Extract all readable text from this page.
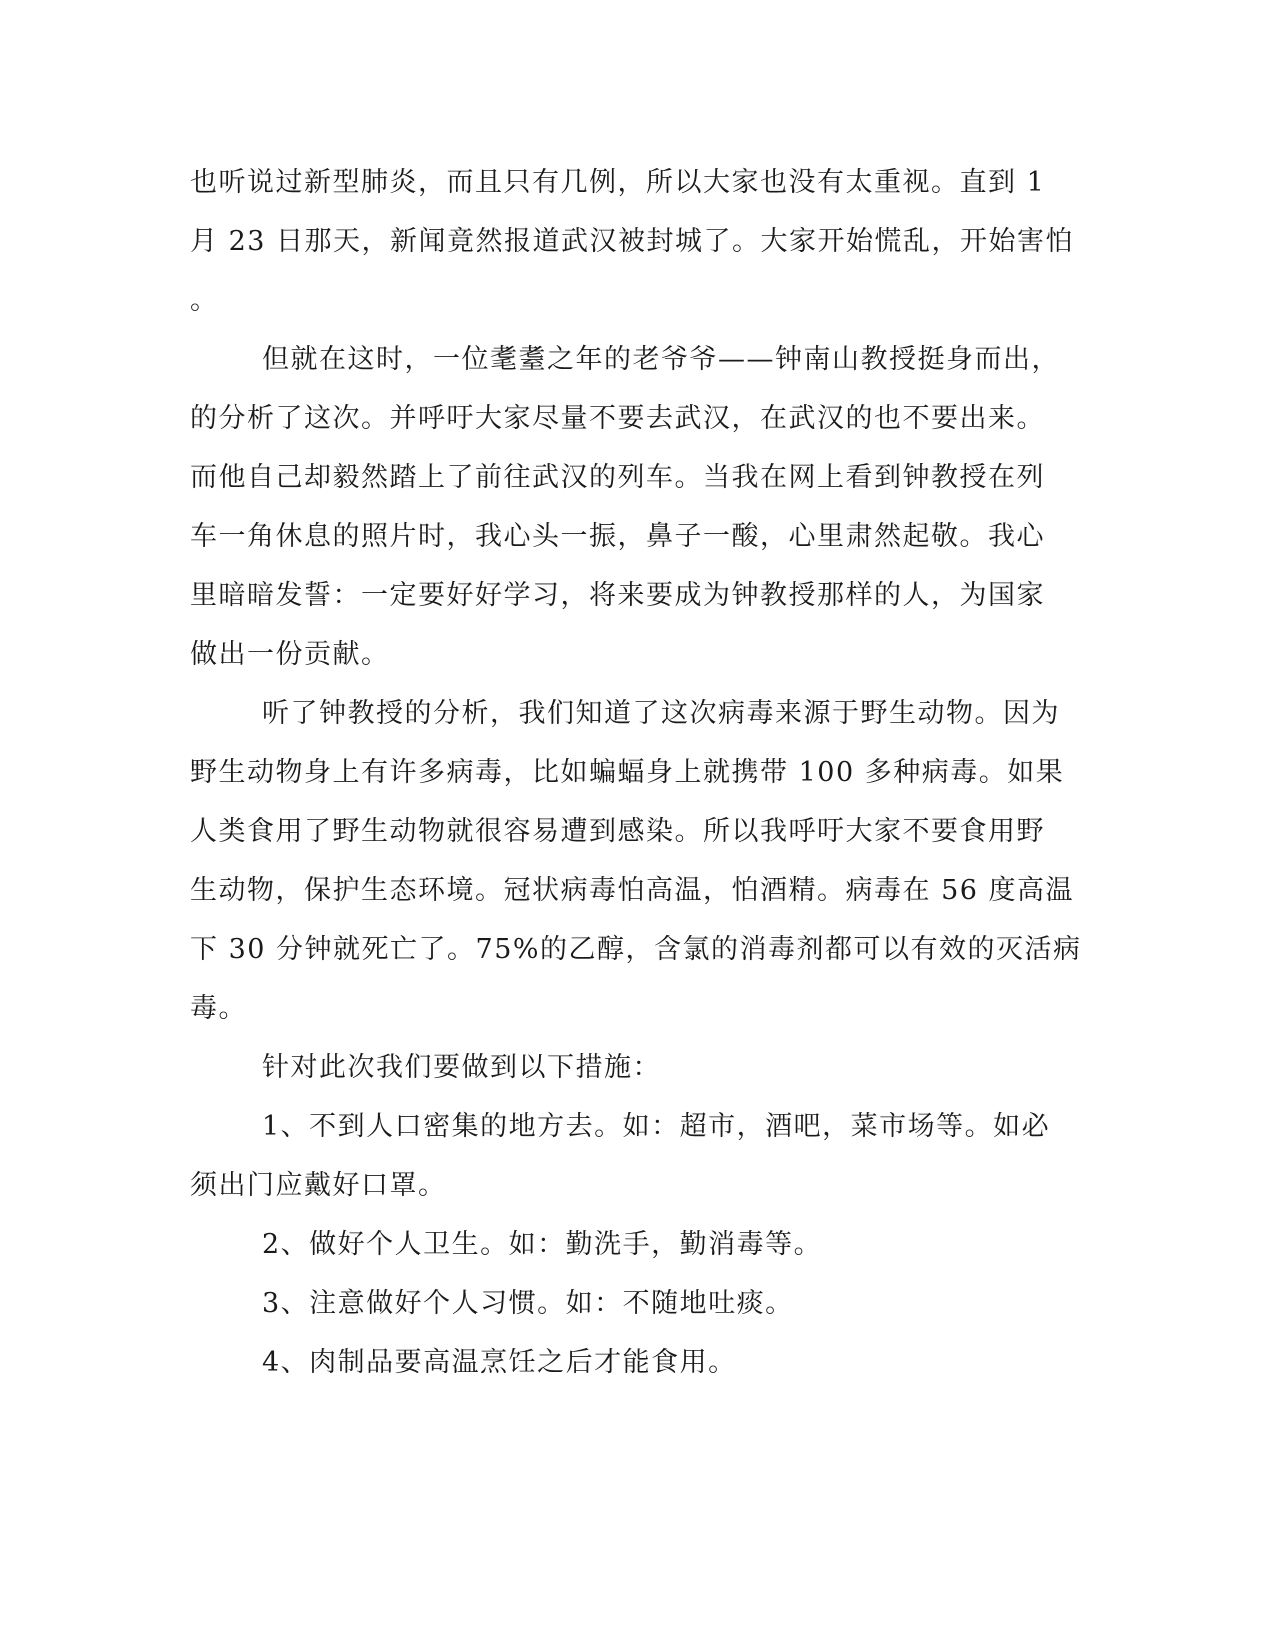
也听说过新型肺炎，而且只有几例，所以大家也没有太重视。直到 1
月 23 日那天，新闻竟然报道武汉被封城了。大家开始慌乱，开始害怕
。
但就在这时，一位耄耋之年的老爷爷——钟南山教授挺身而出，
的分析了这次。并呼吁大家尽量不要去武汉，在武汉的也不要出来。
而他自己却毅然踏上了前往武汉的列车。当我在网上看到钟教授在列
车一角休息的照片时，我心头一振，鼻子一酸，心里肃然起敬。我心
里暗暗发誓：一定要好好学习，将来要成为钟教授那样的人，为国家
做出一份贡献。
听了钟教授的分析，我们知道了这次病毒来源于野生动物。因为
野生动物身上有许多病毒，比如蝙蝠身上就携带 100 多种病毒。如果
人类食用了野生动物就很容易遭到感染。所以我呼吁大家不要食用野
生动物，保护生态环境。冠状病毒怕高温，怕酒精。病毒在 56 度高温
下 30 分钟就死亡了。75%的乙醇，含氯的消毒剂都可以有效的灭活病
毒。
针对此次我们要做到以下措施：
1、不到人口密集的地方去。如：超市，酒吧，菜市场等。如必
须出门应戴好口罩。
2、做好个人卫生。如：勤洗手，勤消毒等。
3、注意做好个人习惯。如：不随地吐痰。
4、肉制品要高温烹饪之后才能食用。
